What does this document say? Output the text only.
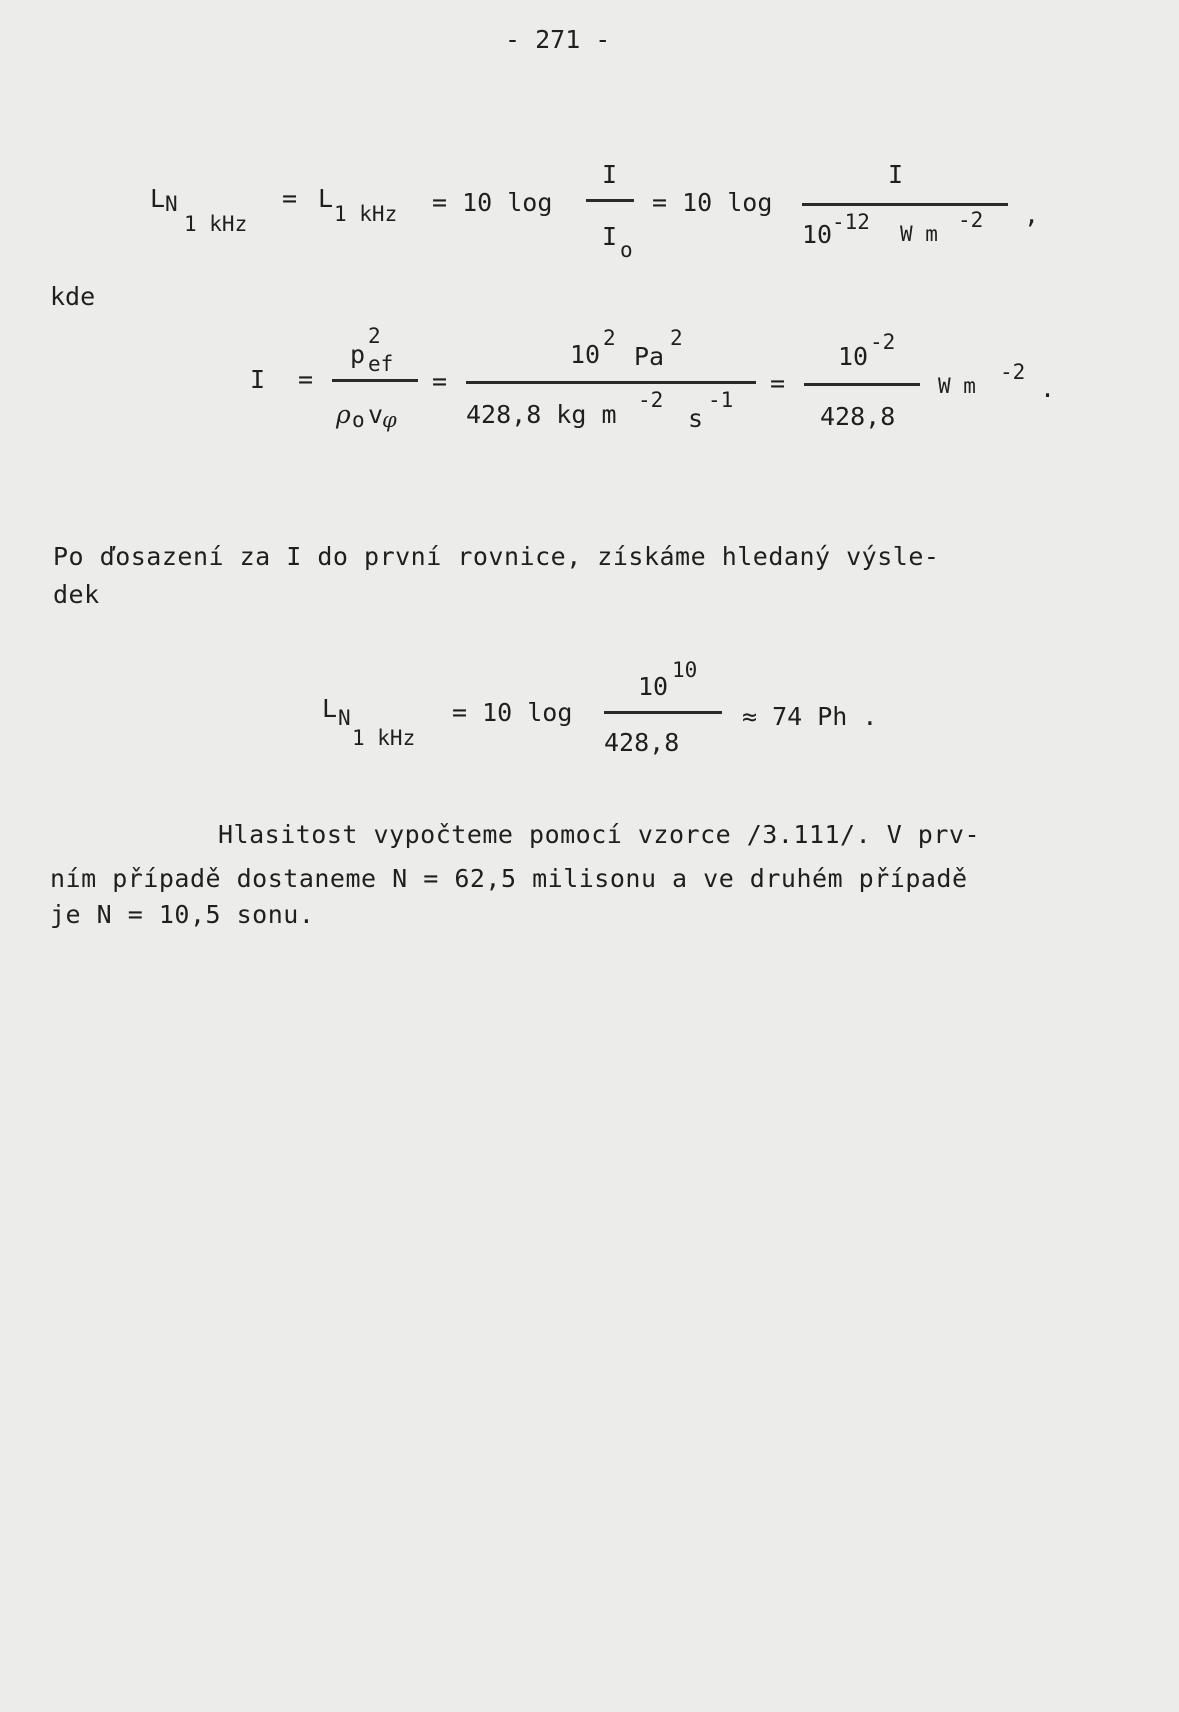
- 271 -
L N
1 kHz
= L
1 kHz = 10 log
I
I o
= 10 log
I
10 -12 W m
-2 ,
kde
I =
p
2
ef
ρ o v
φ
=
10
2
Pa
2
428,8 kg m -2
s
-1
=
10 -2
428,8
W m
-2
.
Po ďosazení za I do první rovnice, získáme hledaný výsle-
dek
L N
1 kHz
= 10 log
10
10
428,8
≈ 74 Ph .
Hlasitost vypočteme pomocí vzorce /3.111/. V prv-
ním případě dostaneme N = 62,5 milisonu a ve druhém případě
je N = 10,5 sonu.
